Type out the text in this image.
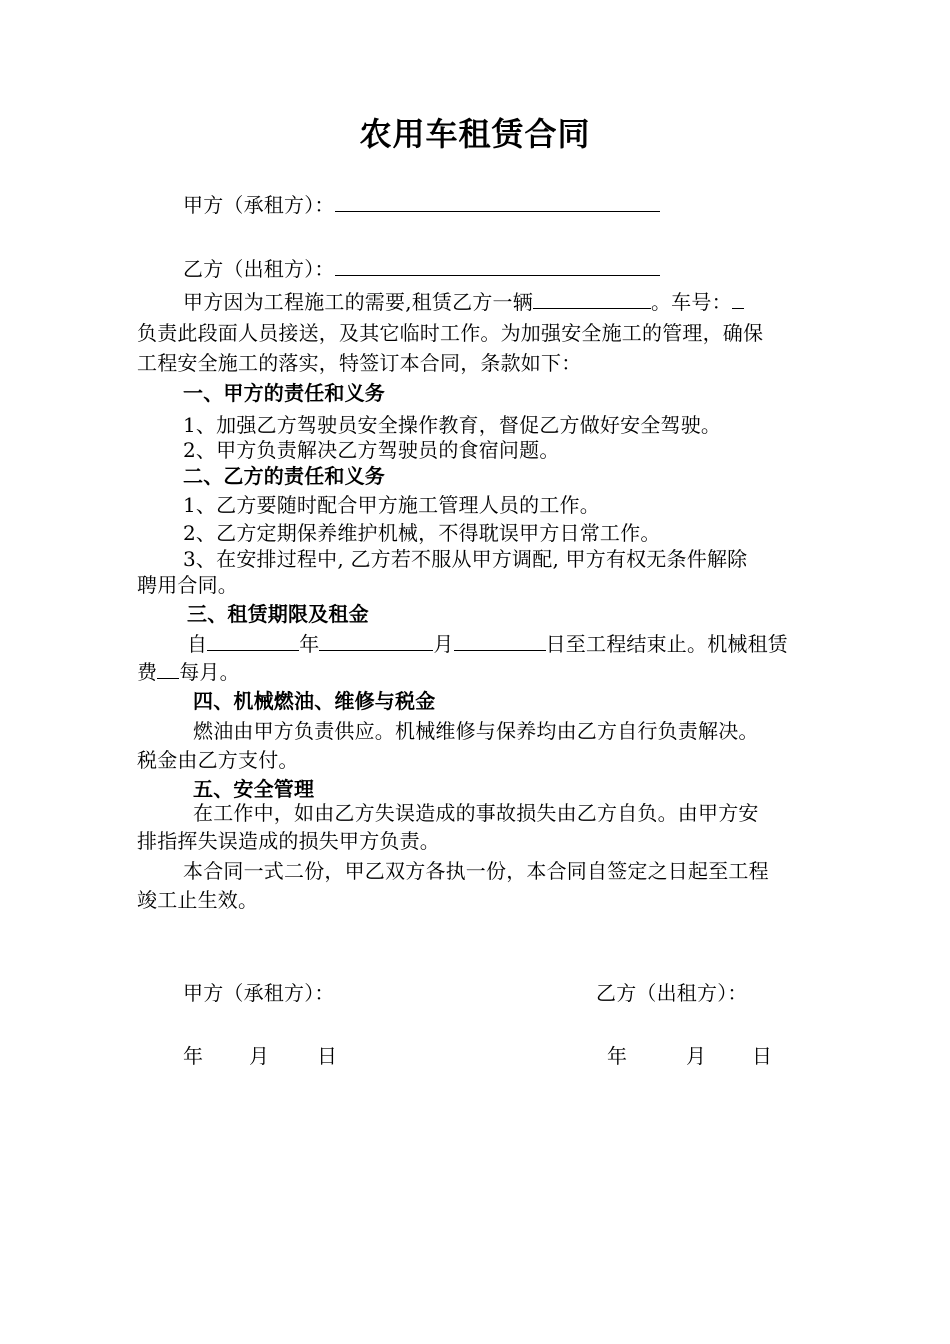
农用车租赁合同
甲方（承租方）：
乙方（出租方）：
甲方因为工程施工的需要,租赁乙方一辆	。车号：
负责此段面人员接送，及其它临时工作。为加强安全施工的管理，确保
工程安全施工的落实，特签订本合同，条款如下：
一、甲方的责任和义务
1、加强乙方驾驶员安全操作教育，督促乙方做好安全驾驶。
2、甲方负责解决乙方驾驶员的食宿问题。
二、乙方的责任和义务
1、乙方要随时配合甲方施工管理人员的工作。
2、乙方定期保养维护机械，不得耽误甲方日常工作。
3、在安排过程中, 乙方若不服从甲方调配, 甲方有权无条件解除
聘用合同。
三、租赁期限及租金
自	年	月	日至工程结束止。机械租赁
费 每月。
四、机械燃油、维修与税金
燃油由甲方负责供应。机械维修与保养均由乙方自行负责解决。
税金由乙方支付。
五、安全管理
在工作中，如由乙方失误造成的事故损失由乙方自负。由甲方安
排指挥失误造成的损失甲方负责。
本合同一式二份，甲乙双方各执一份，本合同自签定之日起至工程
竣工止生效。
甲方（承租方）：	乙方（出租方）：
年 月 日	年	月 日
